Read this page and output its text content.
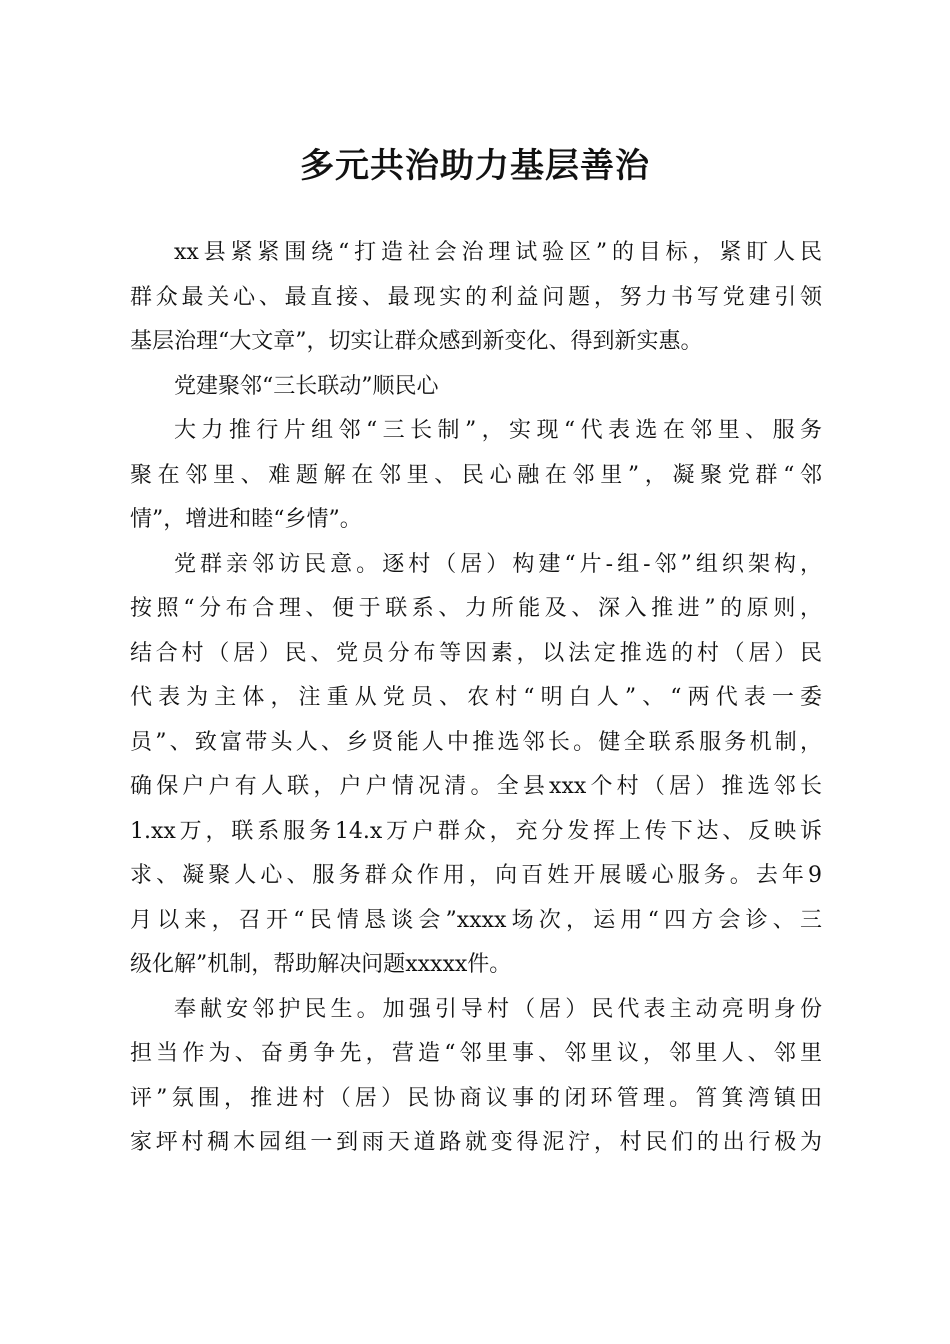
多元共治助力基层善治
xx县紧紧围绕“打造社会治理试验区”的目标，紧盯人民
群众最关心、最直接、最现实的利益问题，努力书写党建引领
基层治理“大文章”，切实让群众感到新变化、得到新实惠。
党建聚邻“三长联动”顺民心
大力推行片组邻“三长制”，实现“代表选在邻里、服务
聚在邻里、难题解在邻里、民心融在邻里”，凝聚党群“邻
情”，增进和睦“乡情”。
党群亲邻访民意。逐村（居）构建“片-组-邻”组织架构，
按照“分布合理、便于联系、力所能及、深入推进”的原则，
结合村（居）民、党员分布等因素，以法定推选的村（居）民
代表为主体，注重从党员、农村“明白人”、“两代表一委
员”、致富带头人、乡贤能人中推选邻长。健全联系服务机制，
确保户户有人联，户户情况清。全县xxx个村（居）推选邻长
1.xx万，联系服务14.x万户群众，充分发挥上传下达、反映诉
求、凝聚人心、服务群众作用，向百姓开展暖心服务。去年9
月以来，召开“民情恳谈会”xxxx场次，运用“四方会诊、三
级化解”机制，帮助解决问题xxxxx件。
奉献安邻护民生。加强引导村（居）民代表主动亮明身份
担当作为、奋勇争先，营造“邻里事、邻里议，邻里人、邻里
评”氛围，推进村（居）民协商议事的闭环管理。筲箕湾镇田
家坪村稠木园组一到雨天道路就变得泥泞，村民们的出行极为
